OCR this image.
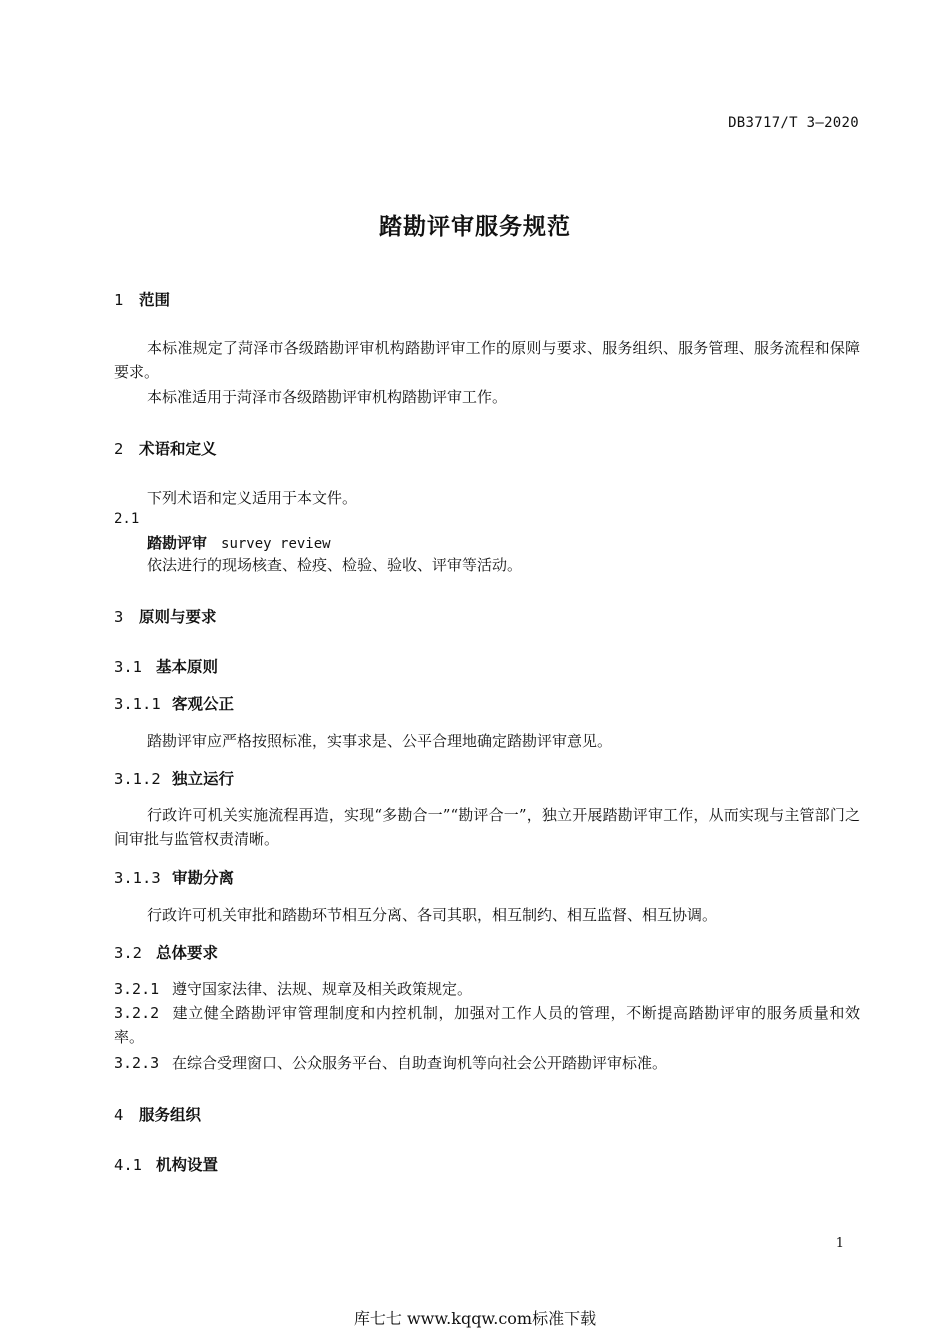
DB3717/T 3—2020
踏勘评审服务规范
1 范围
本标准规定了菏泽市各级踏勘评审机构踏勘评审工作的原则与要求、服务组织、服务管理、服务流程和保障要求。
本标准适用于菏泽市各级踏勘评审机构踏勘评审工作。
2 术语和定义
下列术语和定义适用于本文件。
2.1
踏勘评审 survey review
依法进行的现场核查、检疫、检验、验收、评审等活动。
3 原则与要求
3.1 基本原则
3.1.1 客观公正
踏勘评审应严格按照标准，实事求是、公平合理地确定踏勘评审意见。
3.1.2 独立运行
行政许可机关实施流程再造，实现“多勘合一”“勘评合一”，独立开展踏勘评审工作，从而实现与主管部门之间审批与监管权责清晰。
3.1.3 审勘分离
行政许可机关审批和踏勘环节相互分离、各司其职，相互制约、相互监督、相互协调。
3.2 总体要求
3.2.1 遵守国家法律、法规、规章及相关政策规定。
3.2.2 建立健全踏勘评审管理制度和内控机制，加强对工作人员的管理，不断提高踏勘评审的服务质量和效率。
3.2.3 在综合受理窗口、公众服务平台、自助查询机等向社会公开踏勘评审标准。
4 服务组织
4.1 机构设置
1
库七七 www.kqqw.com标准下载
